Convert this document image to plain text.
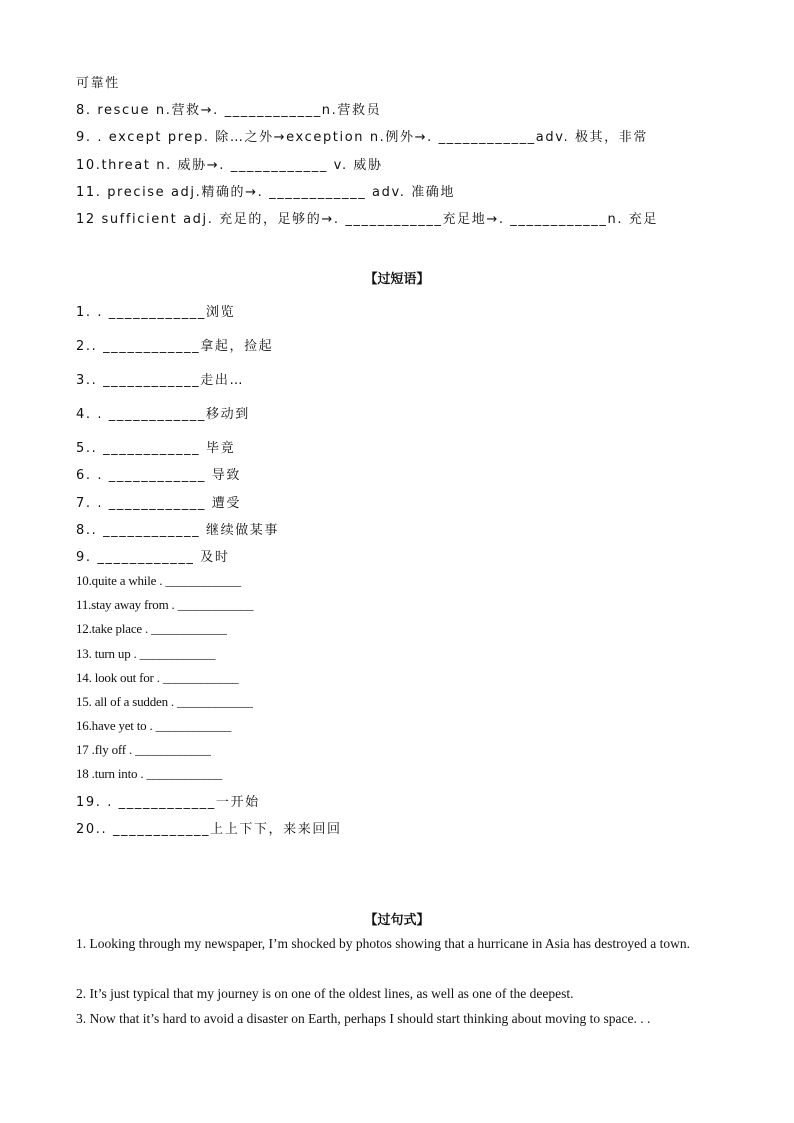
可靠性
8. rescue n.营救→. ____________n.营救员
9. . except prep. 除…之外→exception n.例外→. ____________adv. 极其，非常
10.threat n. 威胁→. ____________ v. 威胁
11. precise adj.精确的→. ____________ adv. 准确地
12 sufficient adj. 充足的，足够的→. ____________充足地→. ____________n. 充足
【过短语】
1. . ____________浏览
2.. ____________拿起，捡起
3.. ____________走出…
4. . ____________移动到
5.. ____________ 毕竟
6. . ____________ 导致
7. . ____________ 遭受
8.. ____________ 继续做某事
9. ____________ 及时
10.quite a while . ____________
11.stay away from . ____________
12.take place . ____________
13. turn up . ____________
14. look out for . ____________
15. all of a sudden . ____________
16.have yet to . ____________
17 .fly off . ____________
18 .turn into . ____________
19. . ____________一开始
20.. ____________上上下下，来来回回
【过句式】
1. Looking through my newspaper, I’m shocked by photos showing that a hurricane in Asia has destroyed a town.
2. It’s just typical that my journey is on one of the oldest lines, as well as one of the deepest.
3. Now that it’s hard to avoid a disaster on Earth, perhaps I should start thinking about moving to space. . .
